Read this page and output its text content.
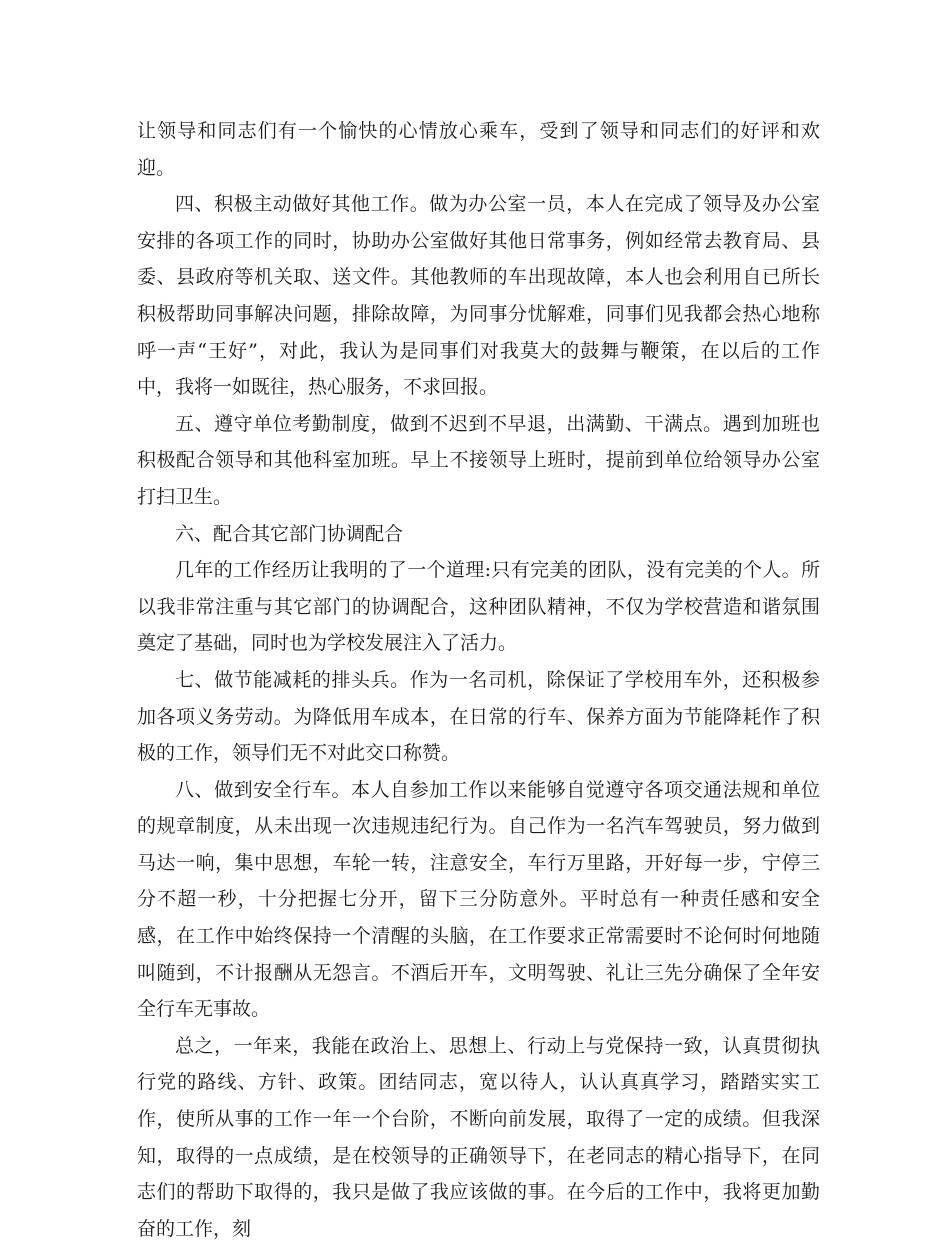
让领导和同志们有一个愉快的心情放心乘车，受到了领导和同志们的好评和欢迎。

四、积极主动做好其他工作。做为办公室一员，本人在完成了领导及办公室安排的各项工作的同时，协助办公室做好其他日常事务，例如经常去教育局、县委、县政府等机关取、送文件。其他教师的车出现故障，本人也会利用自已所长积极帮助同事解决问题，排除故障，为同事分忧解难，同事们见我都会热心地称呼一声“王好”，对此，我认为是同事们对我莫大的鼓舞与鞭策，在以后的工作中，我将一如既往，热心服务，不求回报。

五、遵守单位考勤制度，做到不迟到不早退，出满勤、干满点。遇到加班也积极配合领导和其他科室加班。早上不接领导上班时，提前到单位给领导办公室打扫卫生。

六、配合其它部门协调配合

几年的工作经历让我明的了一个道理:只有完美的团队，没有完美的个人。所以我非常注重与其它部门的协调配合，这种团队精神，不仅为学校营造和谐氛围奠定了基础，同时也为学校发展注入了活力。

七、做节能减耗的排头兵。作为一名司机，除保证了学校用车外，还积极参加各项义务劳动。为降低用车成本，在日常的行车、保养方面为节能降耗作了积极的工作，领导们无不对此交口称赞。

八、做到安全行车。本人自参加工作以来能够自觉遵守各项交通法规和单位的规章制度，从未出现一次违规违纪行为。自己作为一名汽车驾驶员，努力做到马达一响，集中思想，车轮一转，注意安全，车行万里路，开好每一步，宁停三分不超一秒，十分把握七分开，留下三分防意外。平时总有一种责任感和安全感，在工作中始终保持一个清醒的头脑，在工作要求正常需要时不论何时何地随叫随到，不计报酬从无怨言。不酒后开车，文明驾驶、礼让三先分确保了全年安全行车无事故。

总之，一年来，我能在政治上、思想上、行动上与党保持一致，认真贯彻执行党的路线、方针、政策。团结同志，宽以待人，认认真真学习，踏踏实实工作，使所从事的工作一年一个台阶，不断向前发展，取得了一定的成绩。但我深知，取得的一点成绩，是在校领导的正确领导下，在老同志的精心指导下，在同志们的帮助下取得的，我只是做了我应该做的事。在今后的工作中，我将更加勤奋的工作，刻
